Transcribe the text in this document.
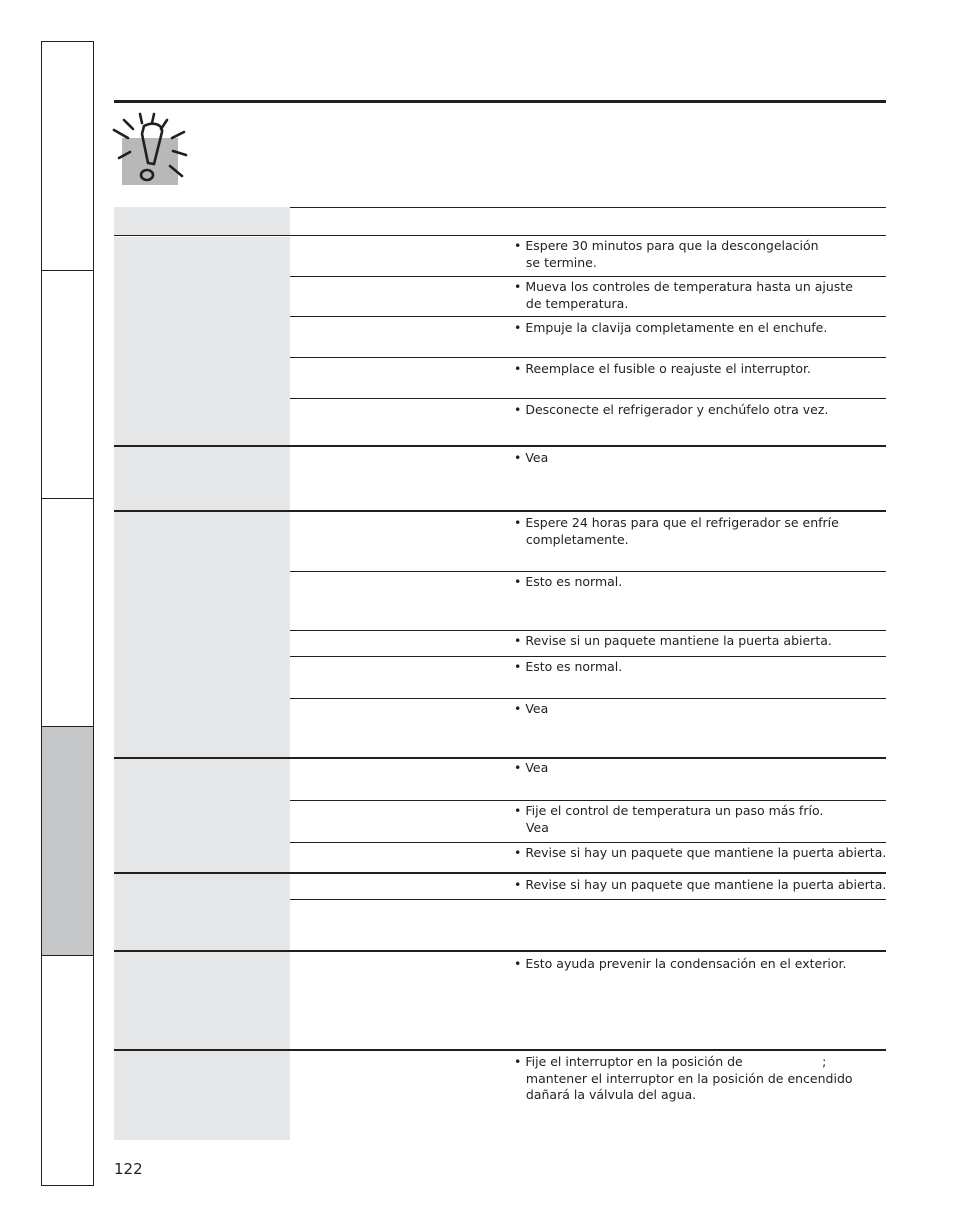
• Espere 30 minutos para que la descongelación
se termine.
• Mueva los controles de temperatura hasta un ajuste
de temperatura.
• Empuje la clavija completamente en el enchufe.
• Reemplace el fusible o reajuste el interruptor.
• Desconecte el refrigerador y enchúfelo otra vez.
• Vea
• Espere 24 horas para que el refrigerador se enfríe
completamente.
• Esto es normal.
• Revise si un paquete mantiene la puerta abierta.
• Esto es normal.
• Vea
• Vea
• Fije el control de temperatura un paso más frío.
Vea
• Revise si hay un paquete que mantiene la puerta abierta.
• Revise si hay un paquete que mantiene la puerta abierta.
• Esto ayuda prevenir la condensación en el exterior.
• Fije el interruptor en la posición de                    ;
mantener el interruptor en la posición de encendido
dañará la válvula del agua.
122
